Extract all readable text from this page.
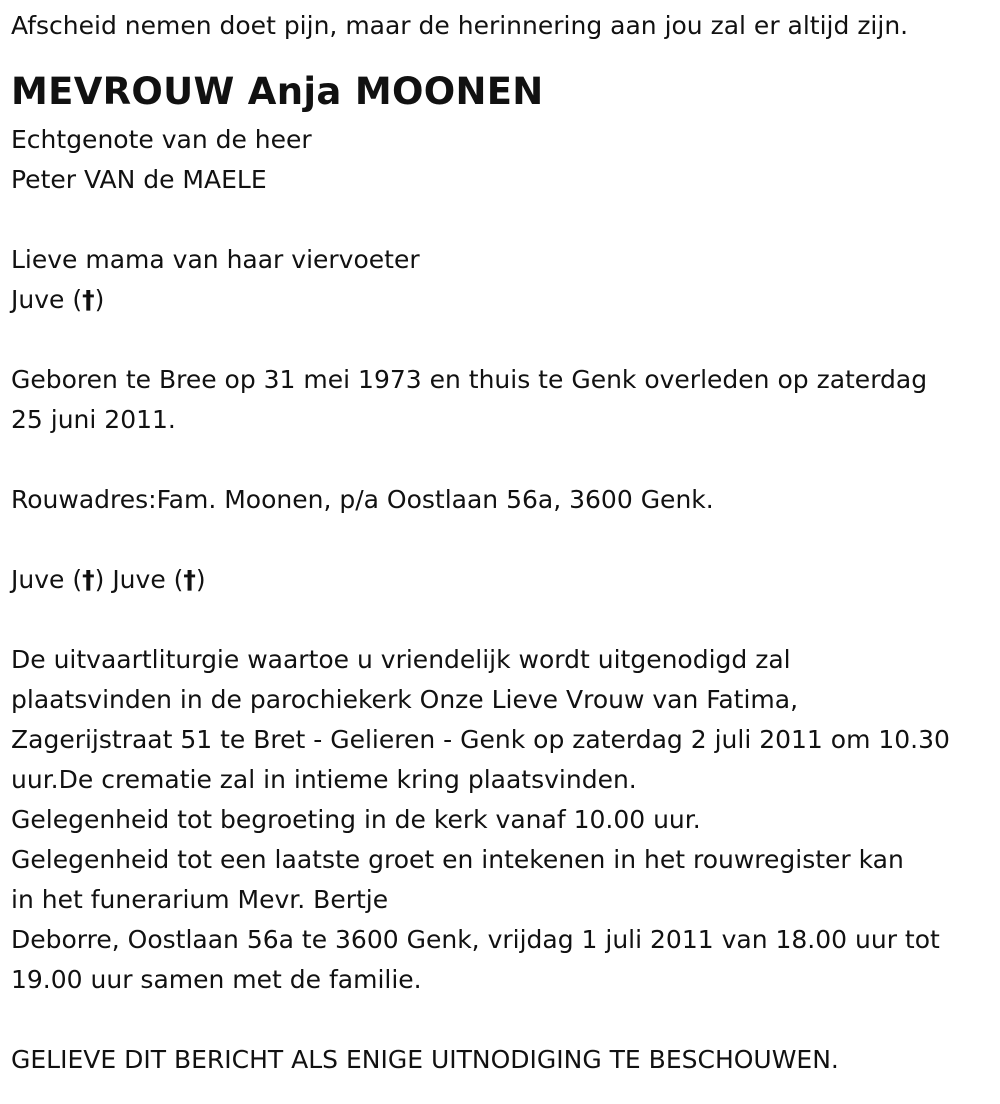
Afscheid nemen doet pijn, maar de herinnering aan jou zal er altijd zijn.
MEVROUW Anja MOONEN
Echtgenote van de heer
Peter VAN de MAELE
Lieve mama van haar viervoeter
Juve (†)
Geboren te Bree op 31 mei 1973 en thuis te Genk overleden op zaterdag
25 juni 2011.
Rouwadres:Fam. Moonen, p/a Oostlaan 56a, 3600 Genk.
Juve (†) Juve (†)
De uitvaartliturgie waartoe u vriendelijk wordt uitgenodigd zal
plaatsvinden in de parochiekerk Onze Lieve Vrouw van Fatima,
Zagerijstraat 51 te Bret - Gelieren - Genk op zaterdag 2 juli 2011 om 10.30
uur.De crematie zal in intieme kring plaatsvinden.
Gelegenheid tot begroeting in de kerk vanaf 10.00 uur.
Gelegenheid tot een laatste groet en intekenen in het rouwregister kan
in het funerarium Mevr. Bertje
Deborre, Oostlaan 56a te 3600 Genk, vrijdag 1 juli 2011 van 18.00 uur tot
19.00 uur samen met de familie.
GELIEVE DIT BERICHT ALS ENIGE UITNODIGING TE BESCHOUWEN.
